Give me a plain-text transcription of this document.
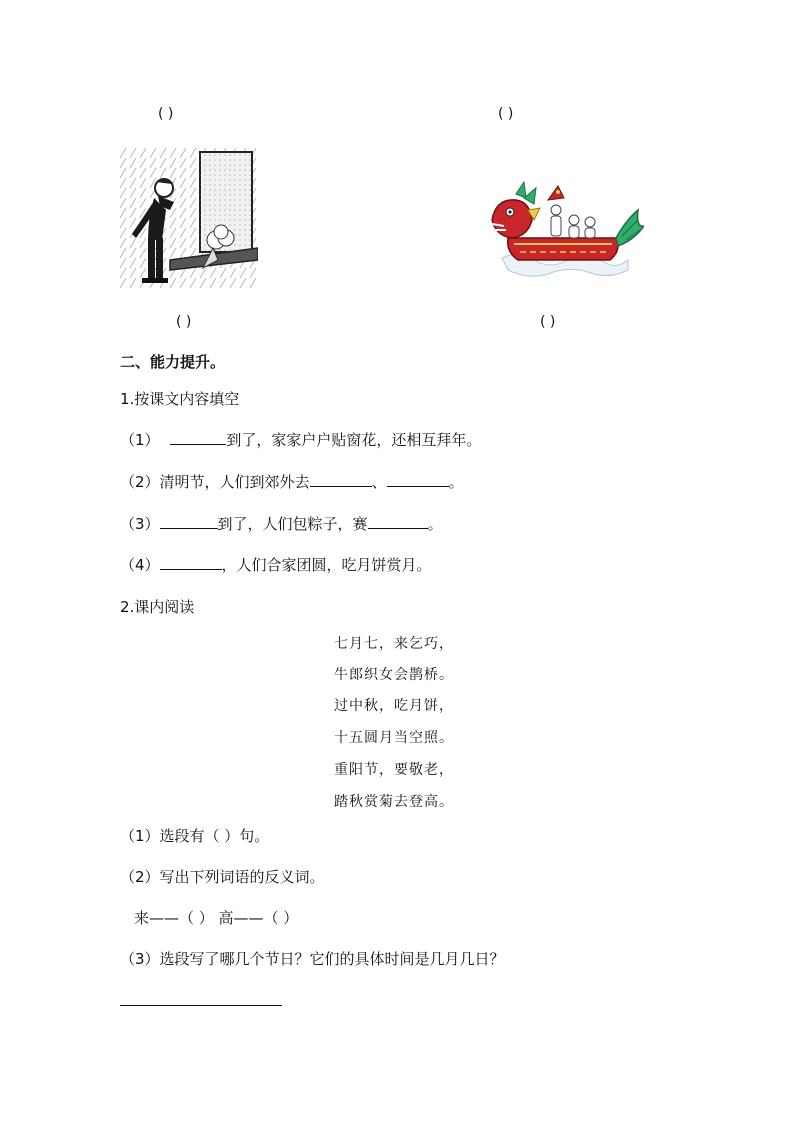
( )	( )
( )	( )
二、能力提升。
1.按课文内容填空
（1）	到了，家家户户贴窗花，还相互拜年。
（2）清明节，人们到郊外去	、	。
（3）	到了，人们包粽子，赛	。
（4）	，人们合家团圆，吃月饼赏月。
2.课内阅读
七月七，来乞巧，
牛郎织女会鹊桥。
过中秋，吃月饼，
十五圆月当空照。
重阳节，要敬老，
踏秋赏菊去登高。
（1）选段有（ ）句。
（2）写出下列词语的反义词。
来——（ ） 高——（ ）
（3）选段写了哪几个节日？它们的具体时间是几月几日？
